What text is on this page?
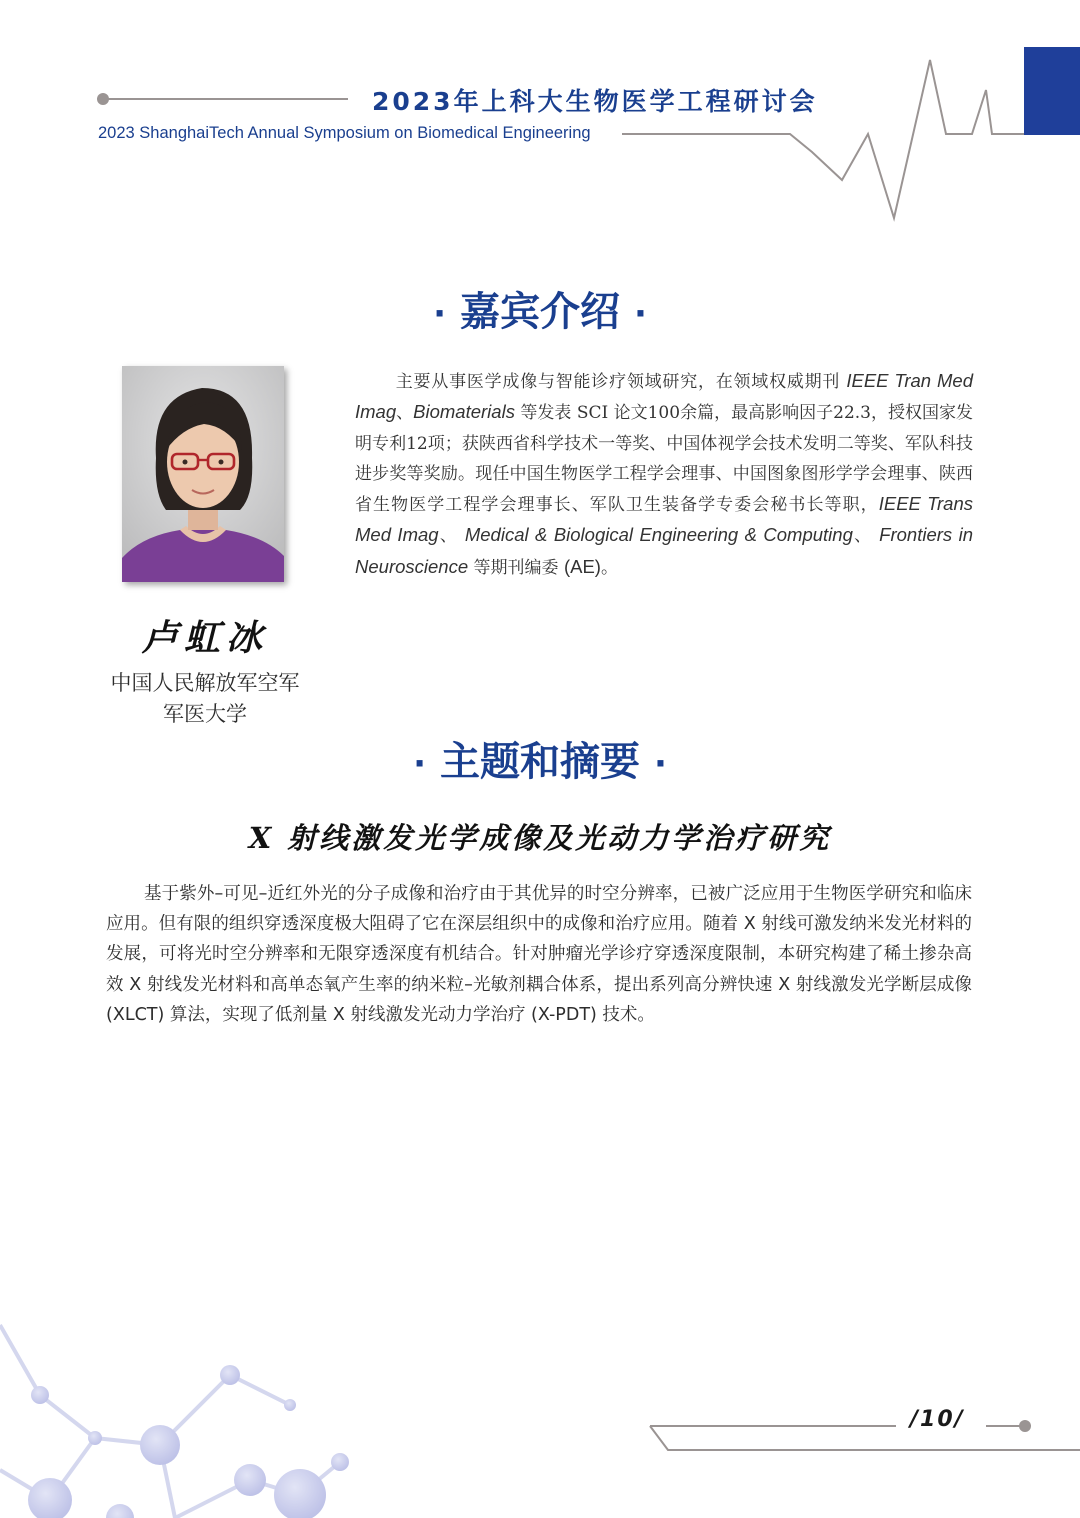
2023年上科大生物医学工程研讨会
2023 ShanghaiTech Annual Symposium on Biomedical Engineering
· 嘉宾介绍 ·
卢虹冰
中国人民解放军空军
军医大学
主要从事医学成像与智能诊疗领域研究，在领域权威期刊 IEEE Tran Med Imag、Biomaterials 等发表 SCI 论文100余篇，最高影响因子22.3，授权国家发明专利12项；获陕西省科学技术一等奖、中国体视学会技术发明二等奖、军队科技进步奖等奖励。现任中国生物医学工程学会理事、中国图象图形学学会理事、陕西省生物医学工程学会理事长、军队卫生装备学专委会秘书长等职，IEEE Trans Med Imag、 Medical & Biological Engineering & Computing、 Frontiers in Neuroscience 等期刊编委 (AE)。
· 主题和摘要 ·
X 射线激发光学成像及光动力学治疗研究
基于紫外–可见–近红外光的分子成像和治疗由于其优异的时空分辨率，已被广泛应用于生物医学研究和临床应用。但有限的组织穿透深度极大阻碍了它在深层组织中的成像和治疗应用。随着 X 射线可激发纳米发光材料的发展，可将光时空分辨率和无限穿透深度有机结合。针对肿瘤光学诊疗穿透深度限制，本研究构建了稀土掺杂高效 X 射线发光材料和高单态氧产生率的纳米粒–光敏剂耦合体系，提出系列高分辨快速 X 射线激发光学断层成像 (XLCT) 算法，实现了低剂量 X 射线激发光动力学治疗 (X-PDT) 技术。
/10/
